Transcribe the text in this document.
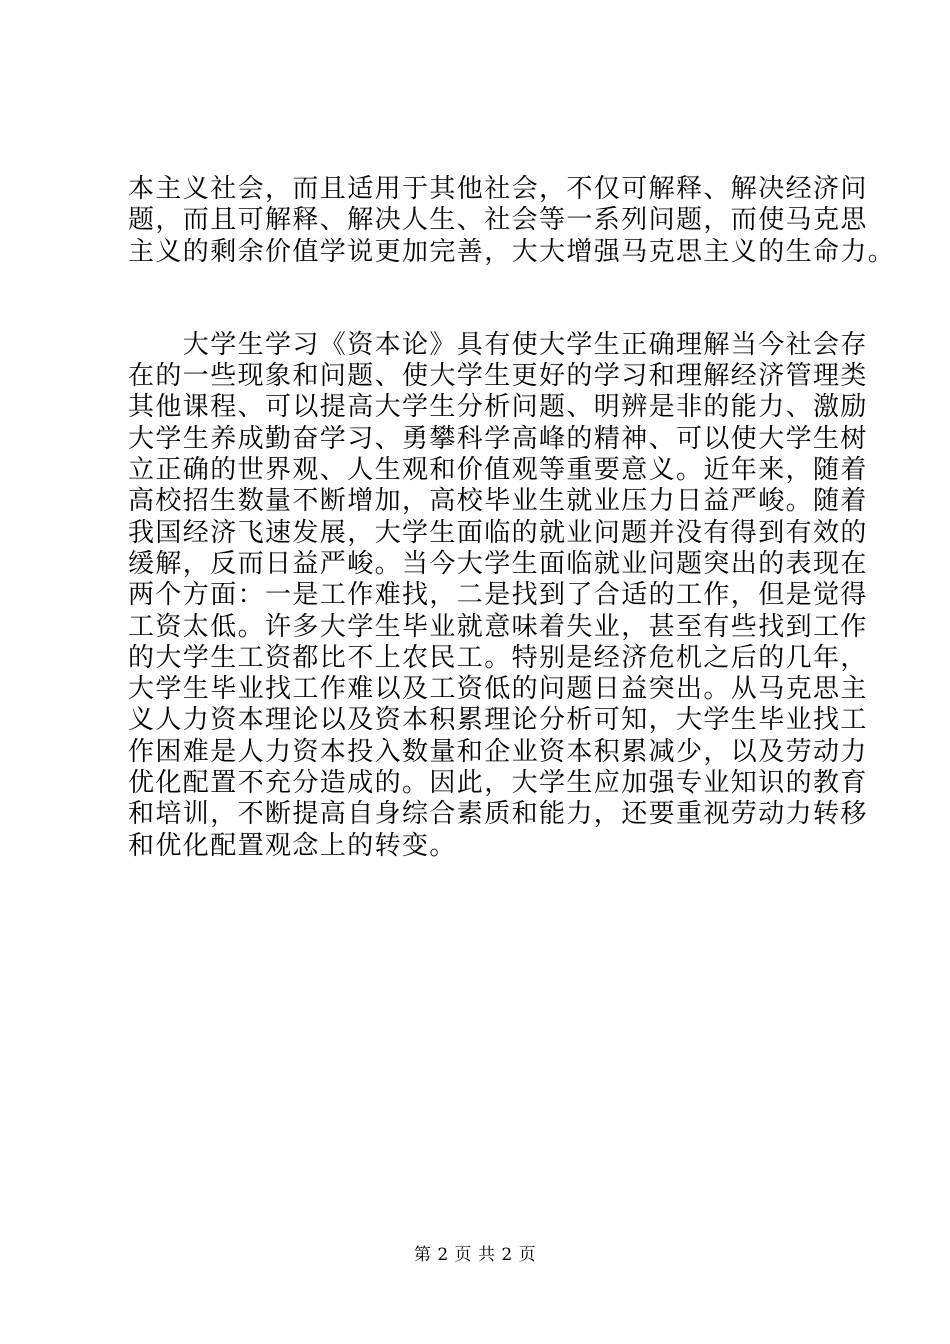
本主义社会，而且适用于其他社会，不仅可解释、解决经济问
题，而且可解释、解决人生、社会等一系列问题，而使马克思
主义的剩余价值学说更加完善，大大增强马克思主义的生命力。
　　大学生学习《资本论》具有使大学生正确理解当今社会存
在的一些现象和问题、使大学生更好的学习和理解经济管理类
其他课程、可以提高大学生分析问题、明辨是非的能力、激励
大学生养成勤奋学习、勇攀科学高峰的精神、可以使大学生树
立正确的世界观、人生观和价值观等重要意义。近年来，随着
高校招生数量不断增加，高校毕业生就业压力日益严峻。随着
我国经济飞速发展，大学生面临的就业问题并没有得到有效的
缓解，反而日益严峻。当今大学生面临就业问题突出的表现在
两个方面：一是工作难找，二是找到了合适的工作，但是觉得
工资太低。许多大学生毕业就意味着失业，甚至有些找到工作
的大学生工资都比不上农民工。特别是经济危机之后的几年，
大学生毕业找工作难以及工资低的问题日益突出。从马克思主
义人力资本理论以及资本积累理论分析可知，大学生毕业找工
作困难是人力资本投入数量和企业资本积累减少，以及劳动力
优化配置不充分造成的。因此，大学生应加强专业知识的教育
和培训，不断提高自身综合素质和能力，还要重视劳动力转移
和优化配置观念上的转变。
第 2 页 共 2 页
